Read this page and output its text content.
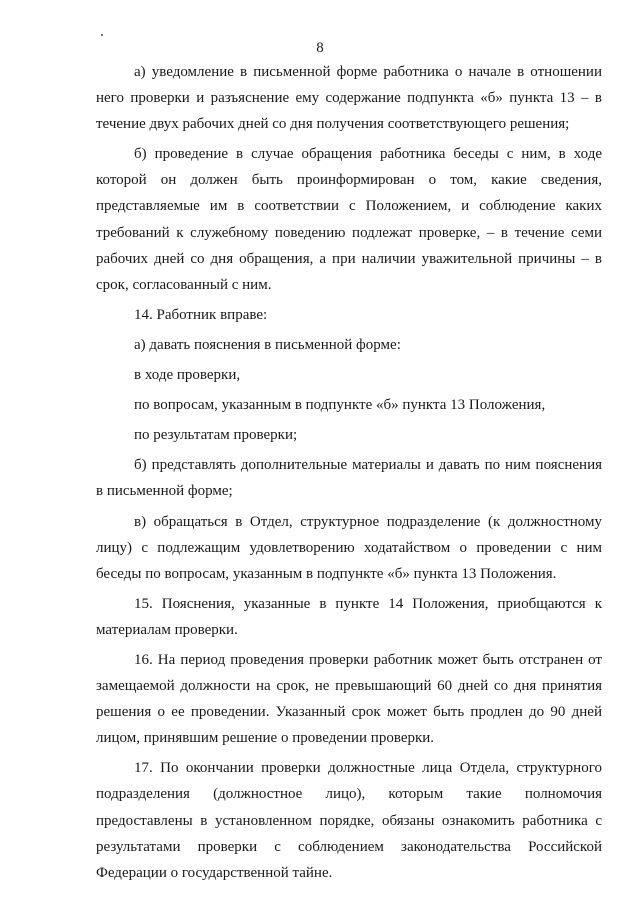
8

а) уведомление в письменной форме работника о начале в отношении него проверки и разъяснение ему содержание подпункта «б» пункта 13 – в течение двух рабочих дней со дня получения соответствующего решения;

б) проведение в случае обращения работника беседы с ним, в ходе которой он должен быть проинформирован о том, какие сведения, представляемые им в соответствии с Положением, и соблюдение каких требований к служебному поведению подлежат проверке, – в течение семи рабочих дней со дня обращения, а при наличии уважительной причины – в срок, согласованный с ним.

14. Работник вправе:

а) давать пояснения в письменной форме:

в ходе проверки,

по вопросам, указанным в подпункте «б» пункта 13 Положения,

по результатам проверки;

б) представлять дополнительные материалы и давать по ним пояснения в письменной форме;

в) обращаться в Отдел, структурное подразделение (к должностному лицу) с подлежащим удовлетворению ходатайством о проведении с ним беседы по вопросам, указанным в подпункте «б» пункта 13 Положения.

15. Пояснения, указанные в пункте 14 Положения, приобщаются к материалам проверки.

16. На период проведения проверки работник может быть отстранен от замещаемой должности на срок, не превышающий 60 дней со дня принятия решения о ее проведении. Указанный срок может быть продлен до 90 дней лицом, принявшим решение о проведении проверки.

17. По окончании проверки должностные лица Отдела, структурного подразделения (должностное лицо), которым такие полномочия предоставлены в установленном порядке, обязаны ознакомить работника с результатами проверки с соблюдением законодательства Российской Федерации о государственной тайне.
